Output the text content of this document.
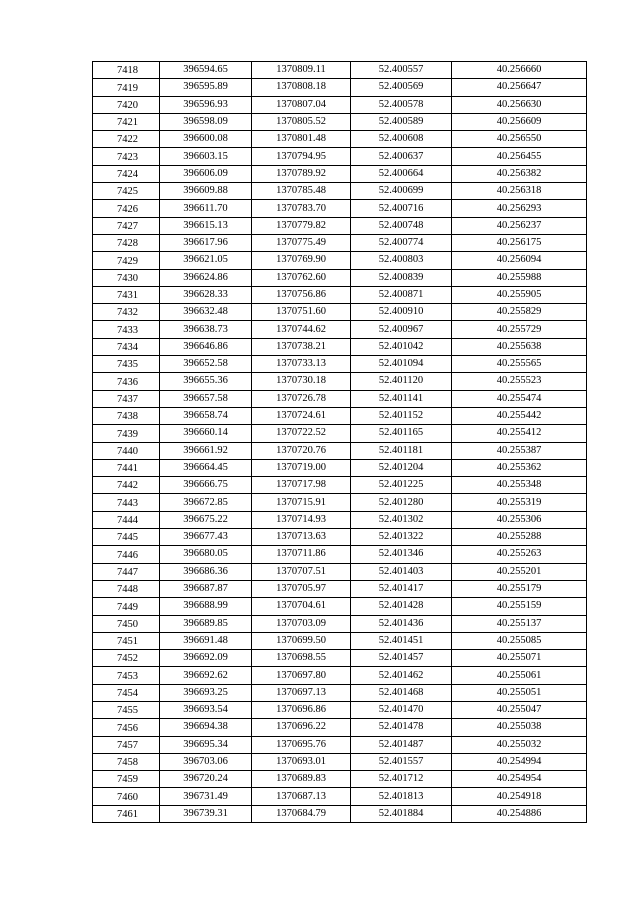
7418	396594.65	1370809.11	52.400557	40.256660
7419	396595.89	1370808.18	52.400569	40.256647
7420	396596.93	1370807.04	52.400578	40.256630
7421	396598.09	1370805.52	52.400589	40.256609
7422	396600.08	1370801.48	52.400608	40.256550
7423	396603.15	1370794.95	52.400637	40.256455
7424	396606.09	1370789.92	52.400664	40.256382
7425	396609.88	1370785.48	52.400699	40.256318
7426	396611.70	1370783.70	52.400716	40.256293
7427	396615.13	1370779.82	52.400748	40.256237
7428	396617.96	1370775.49	52.400774	40.256175
7429	396621.05	1370769.90	52.400803	40.256094
7430	396624.86	1370762.60	52.400839	40.255988
7431	396628.33	1370756.86	52.400871	40.255905
7432	396632.48	1370751.60	52.400910	40.255829
7433	396638.73	1370744.62	52.400967	40.255729
7434	396646.86	1370738.21	52.401042	40.255638
7435	396652.58	1370733.13	52.401094	40.255565
7436	396655.36	1370730.18	52.401120	40.255523
7437	396657.58	1370726.78	52.401141	40.255474
7438	396658.74	1370724.61	52.401152	40.255442
7439	396660.14	1370722.52	52.401165	40.255412
7440	396661.92	1370720.76	52.401181	40.255387
7441	396664.45	1370719.00	52.401204	40.255362
7442	396666.75	1370717.98	52.401225	40.255348
7443	396672.85	1370715.91	52.401280	40.255319
7444	396675.22	1370714.93	52.401302	40.255306
7445	396677.43	1370713.63	52.401322	40.255288
7446	396680.05	1370711.86	52.401346	40.255263
7447	396686.36	1370707.51	52.401403	40.255201
7448	396687.87	1370705.97	52.401417	40.255179
7449	396688.99	1370704.61	52.401428	40.255159
7450	396689.85	1370703.09	52.401436	40.255137
7451	396691.48	1370699.50	52.401451	40.255085
7452	396692.09	1370698.55	52.401457	40.255071
7453	396692.62	1370697.80	52.401462	40.255061
7454	396693.25	1370697.13	52.401468	40.255051
7455	396693.54	1370696.86	52.401470	40.255047
7456	396694.38	1370696.22	52.401478	40.255038
7457	396695.34	1370695.76	52.401487	40.255032
7458	396703.06	1370693.01	52.401557	40.254994
7459	396720.24	1370689.83	52.401712	40.254954
7460	396731.49	1370687.13	52.401813	40.254918
7461	396739.31	1370684.79	52.401884	40.254886
